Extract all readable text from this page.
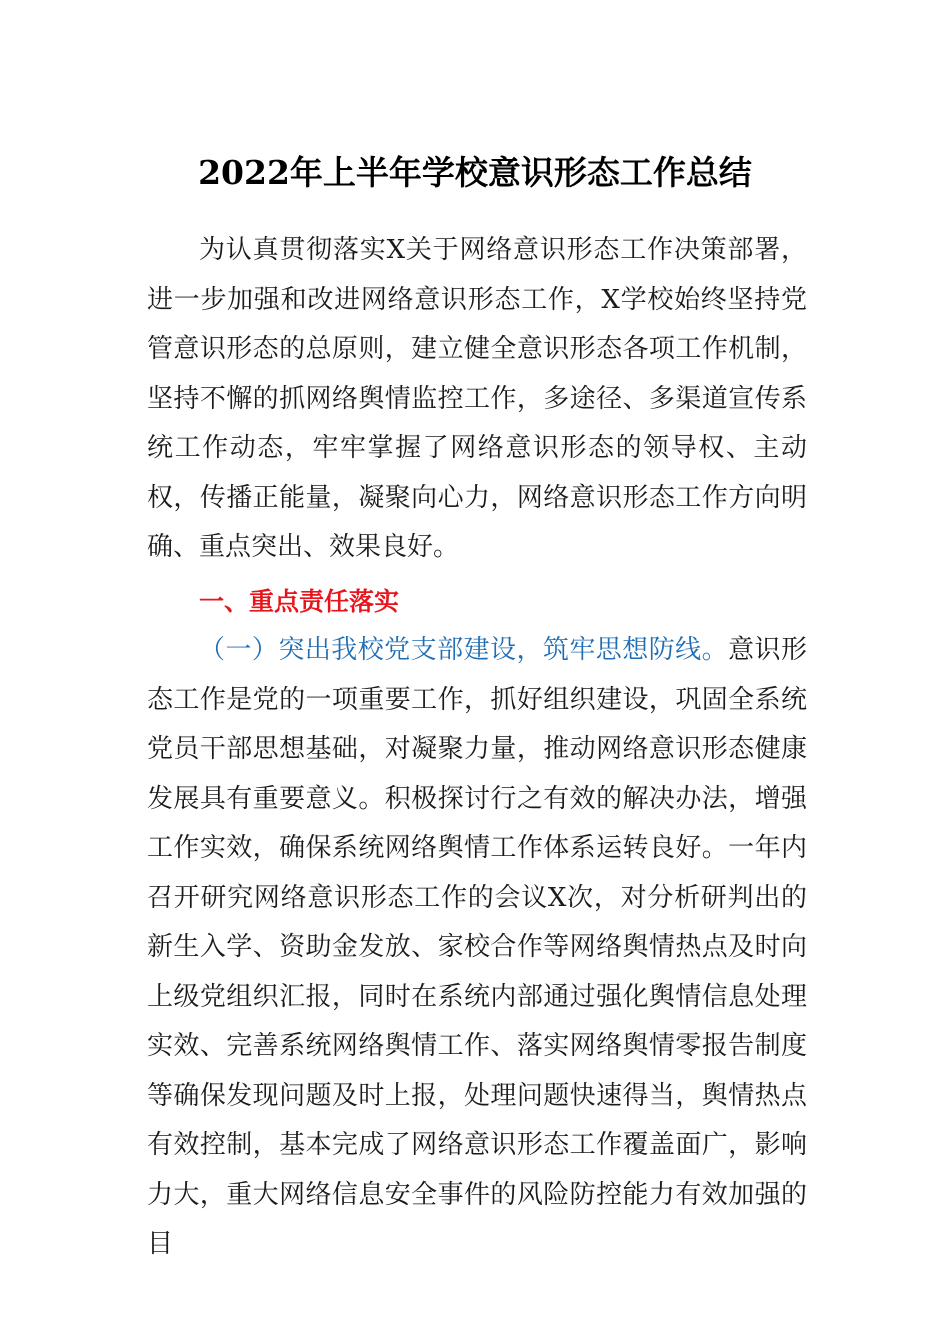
2022年上半年学校意识形态工作总结

为认真贯彻落实X关于网络意识形态工作决策部署，进一步加强和改进网络意识形态工作，X学校始终坚持党管意识形态的总原则，建立健全意识形态各项工作机制，坚持不懈的抓网络舆情监控工作，多途径、多渠道宣传系统工作动态，牢牢掌握了网络意识形态的领导权、主动权，传播正能量，凝聚向心力，网络意识形态工作方向明确、重点突出、效果良好。

一、重点责任落实

（一）突出我校党支部建设，筑牢思想防线。意识形态工作是党的一项重要工作，抓好组织建设，巩固全系统党员干部思想基础，对凝聚力量，推动网络意识形态健康发展具有重要意义。积极探讨行之有效的解决办法，增强工作实效，确保系统网络舆情工作体系运转良好。一年内召开研究网络意识形态工作的会议X次，对分析研判出的新生入学、资助金发放、家校合作等网络舆情热点及时向上级党组织汇报，同时在系统内部通过强化舆情信息处理实效、完善系统网络舆情工作、落实网络舆情零报告制度等确保发现问题及时上报，处理问题快速得当，舆情热点有效控制，基本完成了网络意识形态工作覆盖面广，影响力大，重大网络信息安全事件的风险防控能力有效加强的目
